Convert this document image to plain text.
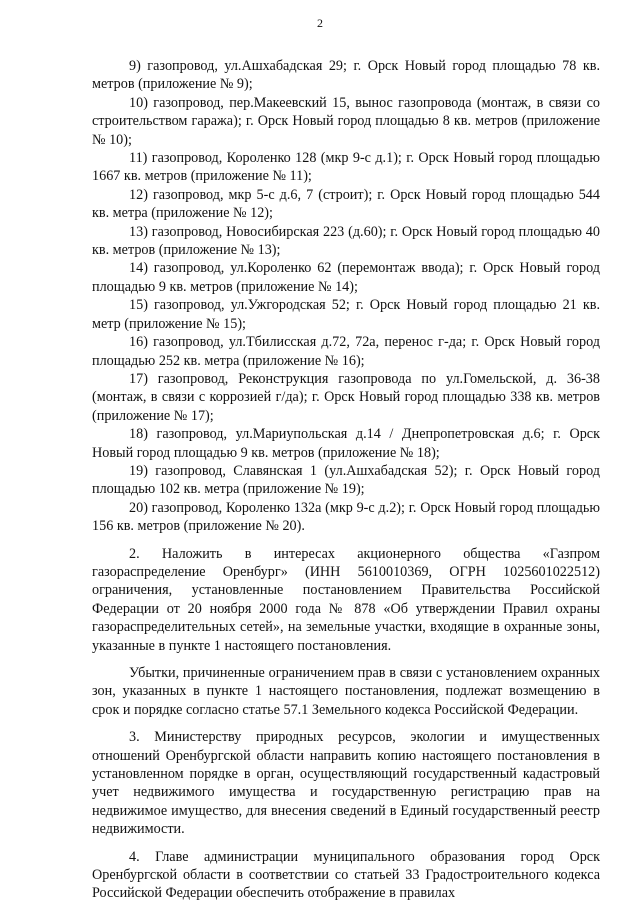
2

9) газопровод, ул.Ашхабадская 29; г. Орск Новый город площадью 78 кв. метров (приложение № 9);

10) газопровод, пер.Макеевский 15, вынос газопровода (монтаж, в связи со строительством гаража); г. Орск Новый город площадью 8 кв. метров (приложение № 10);

11) газопровод, Короленко 128 (мкр 9-с д.1); г. Орск Новый город площадью 1667 кв. метров (приложение № 11);

12) газопровод, мкр 5-с д.6, 7 (строит); г. Орск Новый город площадью 544 кв. метра (приложение № 12);

13) газопровод, Новосибирская 223 (д.60); г. Орск Новый город площадью 40 кв. метров (приложение № 13);

14) газопровод, ул.Короленко 62 (перемонтаж ввода); г. Орск Новый город площадью 9 кв. метров (приложение № 14);

15) газопровод, ул.Ужгородская 52; г. Орск Новый город площадью 21 кв. метр (приложение № 15);

16) газопровод, ул.Тбилисская д.72, 72а, перенос г-да; г. Орск Новый город площадью 252 кв. метра (приложение № 16);

17) газопровод, Реконструкция газопровода по ул.Гомельской, д. 36-38 (монтаж, в связи с коррозией г/да); г. Орск Новый город площадью 338 кв. метров (приложение № 17);

18) газопровод, ул.Мариупольская д.14 / Днепропетровская д.6; г. Орск Новый город площадью 9 кв. метров (приложение № 18);

19) газопровод, Славянская 1 (ул.Ашхабадская 52); г. Орск Новый город площадью 102 кв. метра (приложение № 19);

20) газопровод, Короленко 132а (мкр 9-с д.2); г. Орск Новый город площадью 156 кв. метров (приложение № 20).

2. Наложить в интересах акционерного общества «Газпром газораспределение Оренбург» (ИНН 5610010369, ОГРН 1025601022512) ограничения, установленные постановлением Правительства Российской Федерации от 20 ноября 2000 года № 878 «Об утверждении Правил охраны газораспределительных сетей», на земельные участки, входящие в охранные зоны, указанные в пункте 1 настоящего постановления.

Убытки, причиненные ограничением прав в связи с установлением охранных зон, указанных в пункте 1 настоящего постановления, подлежат возмещению в срок и порядке согласно статье 57.1 Земельного кодекса Российской Федерации.

3. Министерству природных ресурсов, экологии и имущественных отношений Оренбургской области направить копию настоящего постановления в установленном порядке в орган, осуществляющий государственный кадастровый учет недвижимого имущества и государственную регистрацию прав на недвижимое имущество, для внесения сведений в Единый государственный реестр недвижимости.

4. Главе администрации муниципального образования город Орск Оренбургской области в соответствии со статьей 33 Градостроительного кодекса Российской Федерации обеспечить отображение в правилах
